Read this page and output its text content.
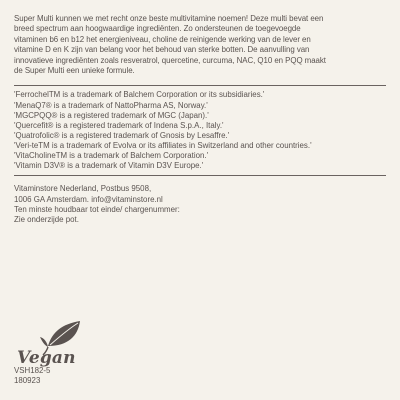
Super Multi kunnen we met recht onze beste multivitamine noemen! Deze multi bevat een
breed spectrum aan hoogwaardige ingrediënten. Zo ondersteunen de toegevoegde
vitaminen b6 en b12 het energieniveau, choline de reinigende werking van de lever en
vitamine D en K zijn van belang voor het behoud van sterke botten. De aanvulling van
innovatieve ingrediënten zoals resveratrol, quercetine, curcuma, NAC, Q10 en PQQ maakt
de Super Multi een unieke formule.

'FerrochelTM is a trademark of Balchem Corporation or its subsidiaries.'
'MenaQ7® is a trademark of NattoPharma AS, Norway.'
'MGCPQQ® is a registered trademark of MGC (Japan).'
'Quercefit® is a registered trademark of Indena S.p.A., Italy.'
'Quatrofolic® is a registered trademark of Gnosis by Lesaffre.'
'Veri-teTM is a trademark of Evolva or its affiliates in Switzerland and other countries.'
'VitaCholineTM is a trademark of Balchem Corporation.'
'Vitamin D3V® is a trademark of Vitamin D3V Europe.'
Vitaminstore Nederland, Postbus 9508,
1006 GA Amsterdam. info@vitaminstore.nl
Ten minste houdbaar tot einde/ chargenummer:
Zie onderzijde pot.
Vegan
VSH182-5
180923
